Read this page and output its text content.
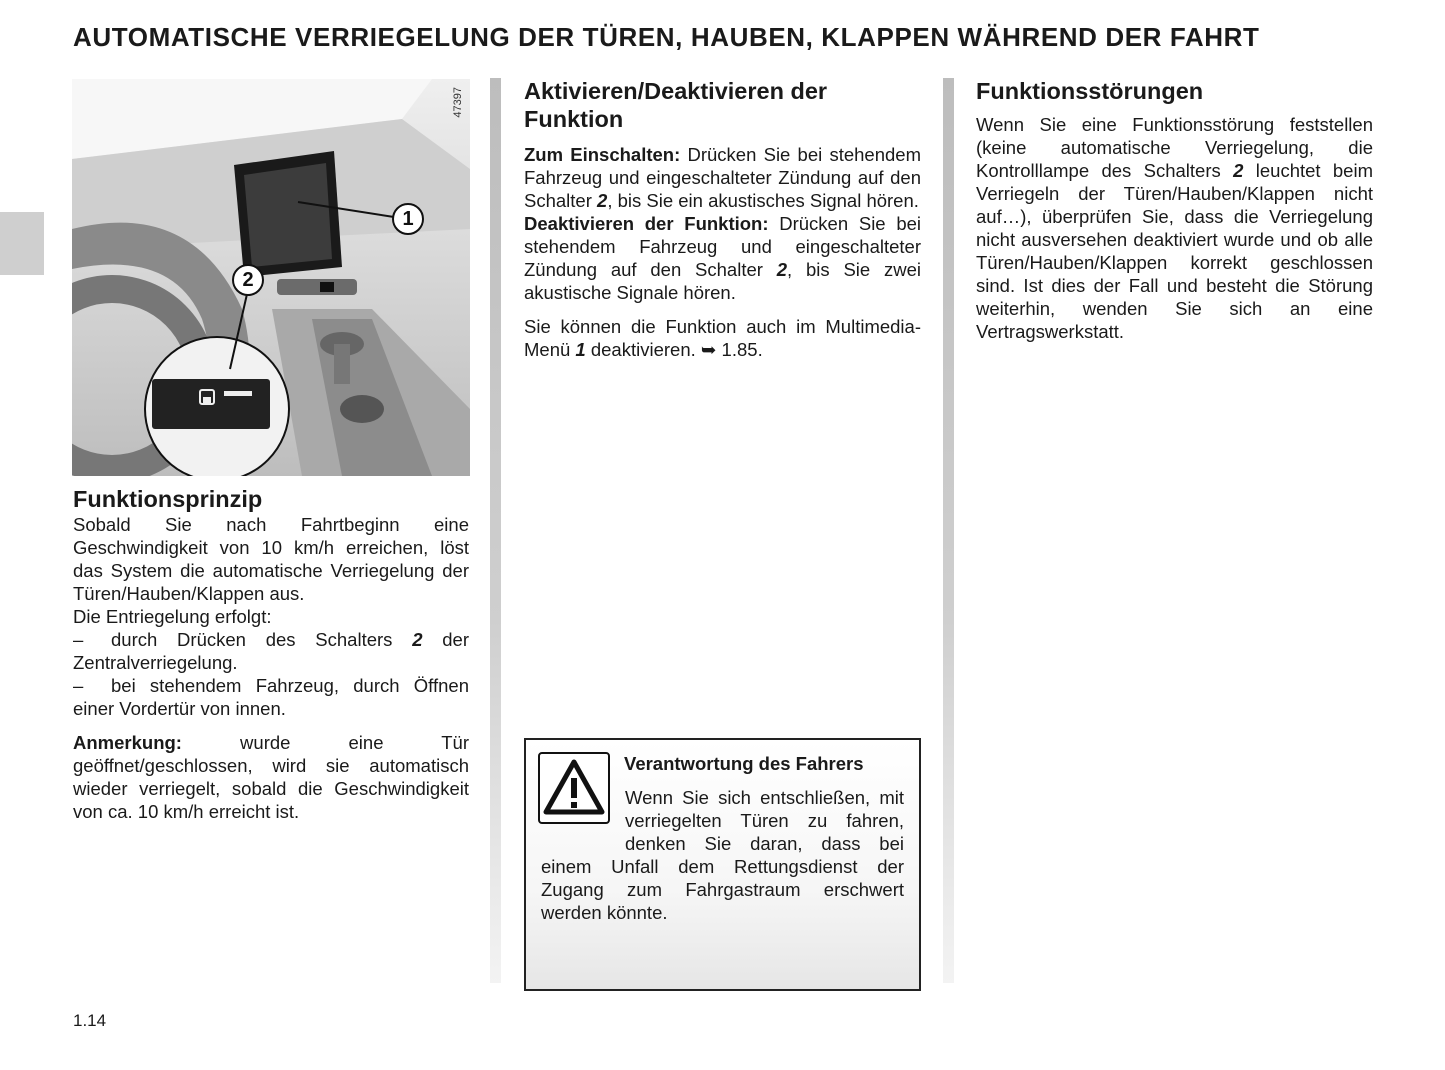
AUTOMATISCHE VERRIEGELUNG DER TÜREN, HAUBEN, KLAPPEN WÄHREND DER FAHRT
47397
1
2
Funktionsprinzip

Sobald Sie nach Fahrtbeginn eine Geschwindigkeit von 10 km/h erreichen, löst das System die automatische Verriegelung der Türen/Hauben/Klappen aus.

Die Entriegelung erfolgt:

– durch Drücken des Schalters 2 der Zentralverriegelung.

– bei stehendem Fahrzeug, durch Öffnen einer Vordertür von innen.

Anmerkung: wurde eine Tür geöffnet/geschlossen, wird sie automatisch wieder verriegelt, sobald die Geschwindigkeit von ca. 10 km/h erreicht ist.

Aktivieren/Deaktivieren der Funktion

Zum Einschalten: Drücken Sie bei stehendem Fahrzeug und eingeschalteter Zündung auf den Schalter 2, bis Sie ein akustisches Signal hören.

Deaktivieren der Funktion: Drücken Sie bei stehendem Fahrzeug und eingeschalteter Zündung auf den Schalter 2, bis Sie zwei akustische Signale hören.

Sie können die Funktion auch im Multimedia-Menü 1 deaktivieren. ➥ 1.85.

Verantwortung des Fahrers

Wenn Sie sich entschließen, mit verriegelten Türen zu fahren, denken Sie daran, dass bei einem Unfall dem Rettungsdienst der Zugang zum Fahrgastraum erschwert werden könnte.

Funktionsstörungen

Wenn Sie eine Funktionsstörung feststellen (keine automatische Verriegelung, die Kontrolllampe des Schalters 2 leuchtet beim Verriegeln der Türen/Hauben/Klappen nicht auf…), überprüfen Sie, dass die Verriegelung nicht ausversehen deaktiviert wurde und ob alle Türen/Hauben/Klappen korrekt geschlossen sind. Ist dies der Fall und besteht die Störung weiterhin, wenden Sie sich an eine Vertragswerkstatt.

1.14
